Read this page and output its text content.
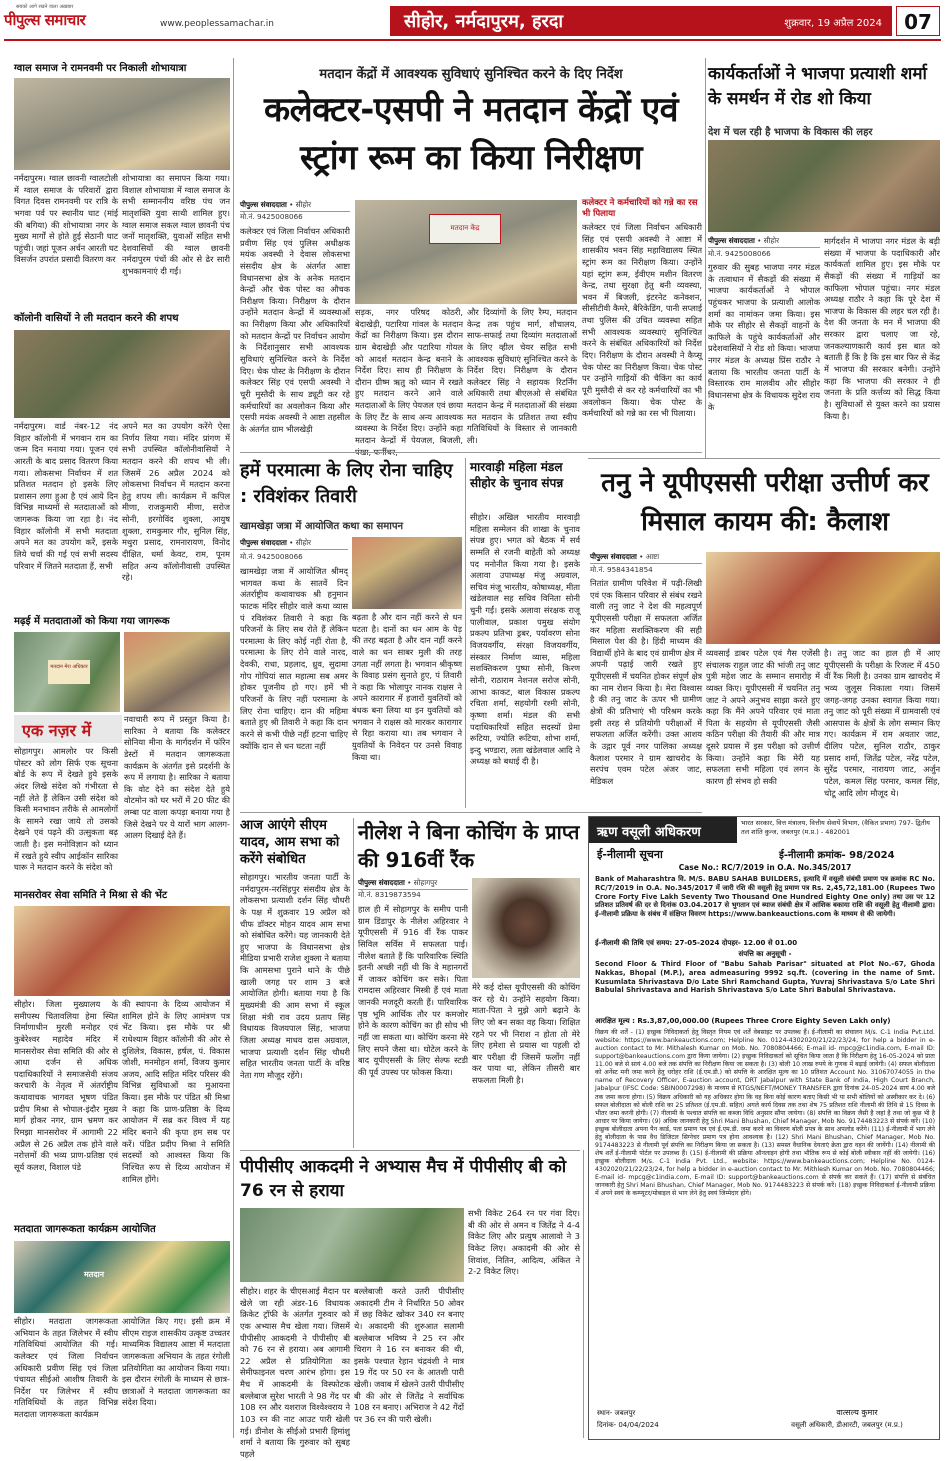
सबको आगे रखने वाला अख़बार
पीपुल्स समाचार	www.peoplessamachar.in	सीहोर, नर्मदापुरम, हरदा	शुक्रवार, 19 अप्रैल 2024	07
ग्वाल समाज ने रामनवमी पर निकाली शोभायात्रा
नर्मदापुरम। ग्वाल छावनी ग्वालटोली में ग्वाल समाज के परिवारों द्वारा विगत दिवस रामनवमी पर रात्रि के भगवा पर्व पर स्थानीय घाट (मांई की बगिया) की शोभायात्रा नगर के मुख्य मार्गों से होते हुई सेठानी घाट पहुंची। जहां पूजन अर्चन आरती घट विसर्जन उपरांत प्रसादी वितरण कर
शोभायात्रा का समापन किया गया। विशाल शोभायात्रा में ग्वाल समाज के सभी सम्माननीय वरिष्ठ पंच जन मातृशक्ति युवा साथी शामिल हुए। ग्वाल समाज सकल ग्वाल छावनी पंच जनों मातृशक्ति, युवाओं सहित सभी देशवासियों की ग्वाल छावनी नर्मदापुरम पंचों की ओर से ढेर सारी शुभकामनाएं दी गईं।
कॉलोनी वासियों ने ली मतदान करने की शपथ
नर्मदापुरम। वार्ड नंबर-12 नंद विहार कॉलोनी में भगवान राम का जन्म दिन मनाया गया। पूजन एवं आरती के बाद प्रसाद वितरण किया गया। लोकसभा निर्वाचन में शत प्रतिशत मतदान हो इसके लिए प्रशासन लगा हुआ है एवं आये दिन विभिन्न माध्यमों से मतदाताओं को जागरूक किया जा रहा है। नंद विहार कॉलोनी में सभी मतदाता अपने मत का उपयोग करें, इसके लिये चर्चा की गई एवं सभी सदस्य परिवार में जितने मतदाता हैं, सभी
अपने मत का उपयोग करेंगे ऐसा निर्णय लिया गया। मंदिर प्रांगण में सभी उपस्थित कॉलोनीवासियों ने मतदान करने की शपथ भी ली। जिसमें 26 अप्रैल 2024 को लोकसभा निर्वाचन में मतदान करना हेतु शपथ ली। कार्यक्रम में कपिल मीणा, राजकुमारी मीणा, सरोज सोनी, हरगोविंद शुक्ला, आयुष शुक्ला, रामकुमार गौर, सुनिल सिंह, मथुरा प्रसाद, रामनारायण, विनोद दीक्षित, धर्मा केवट, राम, पूनम सहित अन्य कॉलोनीवासी उपस्थित रहे।
मढ़ई में मतदाताओं को किया गया जागरूक
मतदान मेरा अधिकार
एक नज़र में
सोहागपुर। आमलोर पर किसी पोस्टर को लोग सिर्फ एक सूचना बोर्ड के रूप में देखते हुये इसके अंदर लिखे संदेश को गंभीरता से नहीं लेते हैं लेकिन उसी संदेश को किसी मनभावन तरीके से आमलोगों के सामने रखा जाये तो उसको देखने एवं पढ़ने की उत्सुकता बढ़ जाती है। इस मनोविज्ञान को ध्यान में रखते हुये स्वीप आईकॉन सारिका घारू ने मतदान करने के संदेश को
नवाचारी रूप में प्रस्तुत किया है। सारिका ने बताया कि कलेक्टर सोनिया मीना के मार्गदर्शन में फॉरेन डेस्टों में मतदान जागरूकता कार्यक्रम के अंतर्गत इसे प्रदर्शनी के रूप में लगाया है। सारिका ने बताया कि वोट देने का संदेश देते हुये वोटमोन को घर भरों में 20 फीट की लम्बा पट वाला कपड़ा बनाया गया है जिसे देखने पर ये यारों भाग आलग-आलग दिखाई देते हैं।
मानसरोवर सेवा समिति ने मिश्रा से की भेंट
सीहोर। जिला मुख्यालय के समीपस्थ चितावलिया हेमा स्थित निर्माणाधीन मुरली मनोहर एवं कुबेरेश्वर महादेव मंदिर में मानसरोवर सेवा समिति की ओर से आधा दर्जन से अधिक पदाधिकारियों ने समाजसेवी संजय करचारी के नेतृत्व में अंतर्राष्ट्रीय कथावाचक भागवत भूषण पंडित प्रदीप मिश्रा से भोपाल-इंदौर मुख्य मार्ग होकर नगर, ग्राम भ्रमण कर रिमझा मानसरोवर में आगामी 22 अप्रैल से 26 अप्रैल तक होने वाले नरोत्तमों की भव्य प्राण-प्रतिष्ठा एवं सूर्य कलश, विशाल पंडे
की स्थापना के दिव्य आयोजन में शामिल होने के लिए आमंत्रण पत्र भेंट किया। इस मौके पर श्री राधेश्याम विहार कॉलोनी की ओर से दुशिलेत्र, विकास, हर्षल, पं. विकास जोशी, मनमोहन शर्मा, विजय कुमार अजय, आदि सहित मंदिर परिसर की विभिन्न सुविधाओं का मुआयना किया। इस मौके पर पंडित श्री मिश्रा ने कहा कि प्राण-प्रतिष्ठा के दिव्य आयोजन में सब्र कर विश्व में यह मंदिर बनाने की कृपा हम सब पर करें। पंडित प्रदीप मिश्रा ने समिति सदस्यों को आश्वस्त किया कि निश्चित रूप से दिव्य आयोजन में शामिल होंगे।
मतदाता जागरूकता कार्यक्रम आयोजित
मतदान
सीहोर। मतदाता जागरूकता अभियान के तहत जिलेभर में स्वीप गतिविधियां आयोजित की गई। कलेक्टर एवं जिला निर्वाचन अधिकारी प्रवीण सिंह एवं जिला पंचायत सीईओ आशीष तिवारी के निर्देश पर जिलेभर में स्वीप गतिविधियों के तहत विभिन्न मतदाता जागरूकता कार्यक्रम
आयोजित किए गए। इसी क्रम में सीएम राइज शासकीय उत्कृष्ट उच्चतर माध्यमिक विद्यालय आष्टा में मतदाता जागरूकता अभियान के तहत रंगोली प्रतियोगिता का आयोजन किया गया। इस दौरान रंगोली के माध्यम से छात्र-छात्राओं ने मतदाता जागरूकता का संदेश दिया।
मतदान केंद्रों में आवश्यक सुविधाएं सुनिश्चित करने के दिए निर्देश
कलेक्टर-एसपी ने मतदान केंद्रों एवं स्ट्रांग रूम का किया निरीक्षण
पीपुल्स संवाददाता • सीहोर
मो.नं. 9425008066
कलेक्टर एवं जिला निर्वाचन अधिकारी प्रवीण सिंह एवं पुलिस अधीक्षक मयंक अवस्थी ने देवास लोकसभा संसदीय क्षेत्र के अंतर्गत आष्टा विधानसभा क्षेत्र के अनेक मतदान केन्द्रों और चेक पोस्ट का औचक निरीक्षण किया। निरीक्षण के दौरान उन्होंने मतदान केन्द्रों में व्यवस्थाओं का निरीक्षण किया और अधिकारियों को मतदान केन्द्रों पर निर्वाचन आयोग के निर्देशानुसार सभी आवश्यक सुविधाएं सुनिश्चित करने के निर्देश दिए। चेक पोस्ट के निरीक्षण के दौरान कलेक्टर सिंह एवं एसपी अवस्थी ने चूरी मुस्तैदी के साथ ड्यूटी कर रहे कर्मचारियों का अवलोकन किया और एसपी मयंक अवस्थी ने आष्टा तहसील के अंतर्गत ग्राम भीलखेड़ी
मतदान केंद्र
सड़क, नगर परिषद कोठरी, बेदाखेड़ी, पटारिया गांवल के मतदान केंद्रों का निरीक्षण किया। इस दौरान ग्राम बेदाखेड़ी और पटारिया गोयल को आदर्श मतदान केन्द्र बनाने के निर्देश दिए। साथ ही निरीक्षण के दौरान ग्रीष्म ऋतु को ध्यान में रखते हुए मतदान करने आने वाले मतदाताओं के लिए पेयजल एवं छाया के लिए टैंट के साथ अन्य आवश्यक व्यवस्था के निर्देश दिए। उन्होंने कहा मतदान केन्द्रों में पेयजल, बिजली,
और दिव्यांगों के लिए रैम्प, मतदान केन्द्र तक पहुंच मार्ग, शौचालय, साफ-सफाई तथा दिव्यांग मतदाताओं के लिए व्हील चेयर सहित सभी आवश्यक सुविधाएं सुनिश्चित करने के निर्देश दिए। निरीक्षण के दौरान कलेक्टर सिंह ने सहायक रिटर्निंग अधिकारी तथा बीएलओ से संबंधित मतदान केन्द्र में मतदाताओं की संख्या मत मतदान के प्रतिशत तथा स्वीप गतिविधियों के विस्तार से जानकारी ली।
कलेक्टर ने कर्मचारियों को गन्ने का रस भी पिलाया
कलेक्टर एवं जिला निर्वाचन अधिकारी सिंह एवं एसपी अवस्थी ने आष्टा में शासकीय भवन सिंह महाविद्यालय स्थित स्ट्रांग रूम का निरीक्षण किया। उन्होंने यहां स्ट्रांग रूम, ईवीएम मशीन वितरण केन्द्र, तथा सुरक्षा हेतु बनी व्यवस्था, भवन में बिजली, इंटरनेट कनेक्शन, सीसीटीवी कैमरे, बैरिकेडिंग, पानी सप्लाई तथा पुलिस की उचित व्यवस्था सहित सभी आवश्यक व्यवस्थाएं सुनिश्चित करने के संबंधित अधिकारियों को निर्देश दिए। निरीक्षण के दौरान अवस्थी ने कैप्सू चेक पोस्ट का निरीक्षण किया। चेक पोस्ट पर उन्होंने गाड़ियों की चैकिंग का कार्य पूरी मुस्तैदी से कर रहे कर्मचारियों का भी अवलोकन किया। चेक पोस्ट के कर्मचारियों को गन्ने का रस भी पिलाया।
हमें परमात्मा के लिए रोना चाहिए : रविशंकर तिवारी
खामखेड़ा जत्रा में आयोजित कथा का समापन
पीपुल्स संवाददाता • सीहोर
मो.नं. 9425008066
खामखेड़ा जत्रा में आयोजित श्रीमद् भागवत कथा के सातवें दिन अंतर्राष्ट्रीय कथावाचक श्री हनुमान फाटक मंदिर सीहोर वाले कथा व्यास पं रविशंकर तिवारी ने कहा कि परिजनों के लिए सब रोते हैं लेकिन परमात्मा के लिए कोई नहीं रोता है, परमात्मा के लिए रोने वाले नारद, देवकी, राधा, प्रहलाद, ध्रुव, सुदामा गोप गोपियां सात महात्मा सब अमर होकर पूजनीय हो गए। हमें भी परिजनों के लिए नहीं परमात्मा के लिए रोना चाहिए। दान की महिमा बताते हुए श्री तिवारी ने कहा कि दान करने से कभी पीछे नहीं हटना चाहिए क्योंकि दान से धन घटता नहीं
बढ़ता है और दान नहीं करने से धन घटता है। दानों का धन आम के पेड़ की तरह बढ़ता है और दान नहीं करने वाले का धन साबर मुली की तरह उगता नहीं लगता है। भगवान श्रीकृष्ण के विवाह प्रसंग सुनाते हुए, पं तिवारी ने कहा कि भोलापुर नानक राक्षस ने अपने कारागार में हजारों युवतियों को बंधक बना लिया था इन युवतियों को भगवान ने राक्षस को मारकर कारागार से रिहा कराया था। तब भगवान ने युवतियों के निवेदन पर उनसे विवाह किया था।
मारवाड़ी महिला मंडल सीहोर के चुनाव संपन्न
सीहोर। अखिल भारतीय मारवाड़ी महिला सम्मेलन की शाखा के चुनाव संपन्न हुए। भगत को बैठक में सर्व सम्मति से रजनी बाहेती को अध्यक्ष पद मनोनीत किया गया है। इसके अलावा उपाध्यक्ष मंजु अग्रवाल, सचिव मंजू भारतीय, कोषाध्यक्ष, मीता खंडेलवाल सह सचिव विनिता सोनी चुनी गईं। इसके अलावा संरक्षक राजू पालीवाल, प्रकाश पमुख संयोग प्रकल्प प्रतिभा ड्रबर, पर्यावरण सोना विजयवर्गीय, संरक्षा विजयवर्गीय, संस्कार निर्माण व्यास, महिला सशक्तिकरण पुष्पा सोनी, किरण सोनी, राठाराम नेशनल सरोज सोनी, आभा काकट, बाल विकास प्रकल्प रचिता शर्मा, सहयोगी रश्मी सोनी, कृष्णा शर्मा। मंडल की सभी पदाधिकारियों सहित सदस्यों प्रेमा रूटिया, ज्योति रूटिया, शोभा शर्मा, इन्दु भण्डारा, लता खंडेलवाल आदि ने अध्यक्ष को बधाई दी है।
आज आएंगे सीएम यादव, आम सभा को करेंगे संबोधित
सोहागपुर। भारतीय जनता पार्टी के नर्मदापुरम-नरसिंहपुर संसदीय क्षेत्र के लोकसभा प्रत्याशी दर्शन सिंह चौधरी के पक्ष में शुक्रवार 19 अप्रैल को चीफ डॉक्टर मोहन यादव आम सभा को संबोधित करेंगे। यह जानकारी देते हुए भाजपा के विधानसभा क्षेत्र मीडिया प्रभारी राजेश शुक्ला ने बताया कि आमसभा पुराने थाने के पीछे खाली जगह पर शाम 3 बजे आयोजित होगी। बताया गया है कि मुख्यमंत्री की आम सभा में स्कूल शिक्षा मंत्री राव उदय प्रताप सिंह विधायक विजयपाल सिंह, भाजपा जिला अध्यक्ष माधव दास अग्रवाल, भाजपा प्रत्याशी दर्शन सिंह चौधरी सहित भारतीय जनता पार्टी के वरिष्ठ नेता गण मौजूद रहेंगे।
नीलेश ने बिना कोचिंग के प्राप्त की 916वीं रैंक
पीपुल्स संवाददाता • सोहागपुर
मो.नं. 8319873594
हाल ही में सोहागपुर के समीप पानी ग्राम डिंडापुर के नीलेश अहिरवार ने यूपीएससी में 916 वीं रैंक पाकर सिविल सर्विस में सफलता पाई। नीलेश बताते हैं कि पारिवारिक स्थिति इतनी अच्छी नहीं थी कि वे महानगरों में जाकर कोचिंग कर सके। पिता रामदास अहिरवार मिस्त्री हैं एवं माता जानकी मजदूरी करती हैं। पारिवारिक पृष्ठ भूमि आर्थिक तौर पर कमजोर होने के कारण कोचिंग का ही सोच भी नहीं जा सकता था। कोचिंग करना मेरे लिए सपने जैसा था। घोटेल करने के बाद यूपीएससी के लिए सेल्फ स्टडी की पूर्व उपस्थ पर फोकस किया।
मेरे कई दोस्त यूपीएससी की कोचिंग कर रहे थे। उन्होंने सहयोग किया। माता-पिता ने मुझे आगे बढ़ाने के लिए जो बन सका वह किया। शिक्षित रहने पर भी निराश न होता तो मेरे लिए हमेशा से प्रयास था पहली दो बार परीक्षा दी जिसमें फर्लोग नहीं कर पाया था, लेकिन तीसरी बार सफलता मिली है।
पीपीसीए आकदमी ने अभ्यास मैच में पीपीसीए बी को 76 रन से हराया
सभी विकेट 264 रन पर गंवा दिए। बी की ओर से अमन व जितेंद्र ने 4-4 विकेट लिए और प्रत्युष आलावो ने 3 विकेट लिए। अकादमी की ओर से शिवांश, नितिन, आदित्य, अंकित ने 2-2 विकेट लिए।
सीहोर। शहर के चीएसआई मैदान पर खेले जा रही अंडर-16 विधायक क्रिकेट ट्रॉफी के अंतर्गत गुरुवार को एक अभ्यास मैच खेला गया। जिसमें पीपीसीए आकदमी ने पीपीसीए बी को 76 रन से हराया। अब आगामी 22 अप्रैल से प्रतियोगिता का सेमीफाइनल चरण आरंभ होगा। इस मैच में आकदमी के विस्फोटक बल्लेबाज सुरेश भारती ने 98 गेंद पर 108 रन और यशराज विश्वेश्वराय ने 103 रन की नाट आउट पारी खेली गई। डीनोश के सीईओ प्रभारी हिमांशु शर्मा ने बताया कि गुरुवार को सुबह पहले
बल्लेबाजी करते उतरी पीपीसीए अकादमी टीम ने निर्धारित 50 ओवर में छह विकेट खोकर 340 रन बनाए थे। अकादमी की शुरुआत सलामी बल्लेबाज भविष्य ने 25 रन और चिराग ने 16 रन बनाकर की थी, इसके पश्चात रेहान चंद्रवंशी ने मात्र 19 गेंद पर 50 रन के आतशी पारी खेली। जवाब में खेलने उतरी पीपीसीए बी की ओर से जितेंद्र ने सर्वाधिक 108 रन बनाए। अभिराज ने 42 गेंदों पर 36 रन की पारी खेली।
कार्यकर्ताओं ने भाजपा प्रत्याशी शर्मा के समर्थन में रोड शो किया
देश में चल रही है भाजपा के विकास की लहर
पीपुल्स संवाददाता • सीहोर
मो.नं. 9425008066
गुरुवार की सुबह भाजपा नगर मंडल के तत्वाधान में सैकड़ों की संख्या में भाजपा कार्यकर्ताओं ने भोपाल पहुंचकर भाजपा के प्रत्याशी आलोक शर्मा का नामांकन जमा किया। इस मौके पर सीहोर से सैकड़ों वाहनों के काफिले के पहुंचे कार्यकर्ताओं और प्रदेशवासियों ने रोड शो किया। भाजपा नगर मंडल के अध्यक्ष प्रिंस राठौर ने बताया कि भारतीय जनता पार्टी के विस्तारक राम मालवीय और सीहोर विधानसभा क्षेत्र के विधायक सुदेश राय के
मार्गदर्शन में भाजपा नगर मंडल के बड़ी संख्या में भाजपा के पदाधिकारी और कार्यकर्ता शामिल हुए। इस मौके पर सैकड़ों की संख्या में गाड़ियों का काफिला भोपाल पहुंचा। नगर मंडल अध्यक्ष राठौर ने कहा कि पूरे देश में भाजपा के विकास की लहर चल रही है। देश की जनता के मन में भाजपा की सरकार द्वारा चलाए जा रहे, जनकल्याणकारी कार्य इस बात को बताती हैं कि है कि इस बार फिर से केंद्र में भाजपा की सरकार बनेगी। उन्होंने कहा कि भाजपा की सरकार ने ही जनता के प्रति कर्त्तव्य को सिद्ध किया है। सुविधाओं से युक्त करने का प्रयास किया है।
तनु ने यूपीएससी परीक्षा उत्तीर्ण कर मिसाल कायम की: कैलाश
पीपुल्स संवाददाता • आष्टा
मो.नं. 9584341854
नितांत ग्रामीण परिवेश में पढ़ी-लिखी एवं एक किसान परिवार से संबंध रखने वाली तनु जाट ने देश की महत्वपूर्ण यूपीएससी परीक्षा में सफलता अर्जित कर महिला सशक्तिकरण की सही मिसाल पेश की है। हिंदी माध्यम की विद्यार्थी होने के बाद एवं ग्रामीण क्षेत्र में अपनी पढ़ाई जारी रखते हुए यूपीएससी में चयनित होकर संपूर्ण क्षेत्र का नाम रोशन किया है। मेरा विश्वास है की तनु जाट के ऊपर भी ग्रामीण क्षेत्रों की प्रतिभाएं भी परिश्रम करके इसी तरह से प्रतियोगी परीक्षाओं में सफलता अर्जित करेंगी। उक्त आशय के उद्गार पूर्व नगर पालिका अध्यक्ष कैलाश परमार ने ग्राम खाचरोद के सरपंच एवम पटेल अंजर जाट, मेडिकल
व्यवसाई डाबर पटेल एवं गैस एजेंसी संचालक राहुल जाट की भांजी तनु जाट पुत्री महेश जाट के सम्मान समारोह में व्यक्त किए। यूपीएससी में चयनित तनु जाट ने अपने अनुभव साझा करते हुए कहा कि मैंने अपने परिवार एवं माता पिता के सहयोग से यूपीएससी जैसी कठिन परीक्षा की तैयारी की और मात्र दूसरे प्रयास में इस परीक्षा को उत्तीर्ण किया। उन्होंने कहा कि मेरी यह सफलता सभी महिला एवं लगन के कारण ही संभव हो सकी
है। तनु जाट का हाल ही में आए यूपीएससी के परीक्षा के रिजल्ट में 450 वीं रैंक मिली है। उनका ग्राम खाचरोद में भव्य जुलूस निकाला गया। जिसमें जगह-जगह उनका स्वागत किया गया। तनु जाट को पूरी संख्या में ग्रामवासी एवं आसपास के क्षेत्रों के लोग सम्मान किए गए। कार्यक्रम में राम अवतार जाट, दीलिप पटेल, सुनिल राठौर, ठाकुर प्रसाद शर्मा, जितेंद्र पटेल, नरेंद्र पटेल, सुरेंद्र परमार, नारायण जाट, अर्जुन पटेल, कमल सिंह परमार, कमल सिंह, चोटू आदि लोग मौजूद थे।
ऋण वसूली अधिकरण
भारत सरकार, वित्त मंत्रालय, वित्तीय सेवायें विभाग, (वैकित प्रभाग) 797- द्वितीय तल शांति कुन्ज, जबलपुर (म.प्र.) - 482001
ई-नीलामी सूचना	ई-नीलामी क्रमांक- 98/2024
Case No.: RC/7/2019 in O.A. No.345/2017
Bank of Maharashtra वि. M/S. BABU SAHAB BUILDERS, इत्यादि में वसूली संबंधी प्रमाण पत्र क्रमांक RC No. RC/7/2019 in O.A. No.345/2017 में जारी रशि की वसूली हेतु प्रमाण पत्र Rs. 2,45,72,181.00 (Rupees Two Crore Forty Five Lakh Seventy Two Thousand One Hundred Eighty One only) तथा उस पर 12 प्रतिशत प्रतिवर्ष की दर से दिनांक 03.04.2017 से भुगतान एवं ब्याज संबंधी क्षेत्र में आंशिक बकाया राशि की वसूली हेतु नीलामी द्वारा। ई-नीलामी प्रक्रिया के संबंध में संक्षिप्त विवरण https://www.bankeauctions.com के माध्यम से की जायेगी।
ई-नीलामी की तिथि एवं समय: 27-05-2024 दोपहर- 12.00 से 01.00
संपत्ति का अनुसूची -
Second Floor & Third Floor of "Babu Sahab Parisar" situated at Plot No.-67, Ghoda Nakkas, Bhopal (M.P.), area admeasuring 9992 sq.ft. (covering in the name of Smt. Kusumlata Shrivastava D/o Late Shri Ramchand Gupta, Yuvraj Shrivastava S/o Late Shri Babulal Shrivastava and Harish Shrivastava S/o Late Shri Babulal Shrivastava.
आरक्षित मूल्य : Rs.3,87,00,000.00 (Rupees Three Crore Eighty Seven Lakh only)
विक्रय की शर्तें - (1) इच्छुक निविदाकर्ता हेतु विस्तृत नियम एवं शर्तें वेबसाइट पर उपलब्ध हैं। ई-नीलामी का संचालन M/s. C-1 India Pvt.Ltd. website: https://www.bankeauctions.com; Helpline No. 0124-4302020/21/22/23/24, for help a bidder in e-auction contact to Mr. Mithalesh Kumar on Mob. No. 7080804466; E-mail id- mpcg@c1india.com, E-mail ID: support@bankeauctions.com द्वारा किया जायेगा। (2) इच्छुक निविदाकर्ता को सूचित किया जाता है कि निरीक्षण हेतु 16-05-2024 को प्रातः 11.00 बजे से सायं 4.00 बजे तक संपत्ति का निरीक्षण किया जा सकता है। (3) बोली 10 लाख रुपये के गुणक में बढ़ाई जायेगी। (4) सफल बोलीदाता को अर्नेस्ट मनी जमा करने हेतु धरोहर राशि (ई.एम.डी.) को संपत्ति के आरक्षित मूल्य का 10 प्रतिशत Account No. 31067074055 in the name of Recovery Officer, E-auction account, DRT Jabalpur with State Bank of India, High Court Branch, Jabalpur (IFSC Code: SBIN0007298) के माध्यम से RTGS/NEFT/MONEY TRANSFER द्वारा दिनांक 24-05-2024 सायं 4.00 बजे तक जमा करना होगा। (5) विक्रय अधिकारी को यह अधिकार होगा कि वह बिना कोई कारण बताए किसी भी या सभी बोलियों को अस्वीकार कर दे। (6) सफल बोलीदाता को बोली राशि का 25 प्रतिशत (ई.एम.डी. सहित) अगले कार्य दिवस तक तथा शेष 75 प्रतिशत राशि नीलामी की तिथि से 15 दिवस के भीतर जमा करनी होगी। (7) नीलामी के पश्चात संपत्ति का कब्जा विधि अनुसार सौंपा जायेगा। (8) संपत्ति का विक्रय जैसी है जहां है तथा जो कुछ भी है आधार पर किया जायेगा। (9) अधिक जानकारी हेतु Shri Mani Bhushan, Chief Manager, Mob No. 9174483223 से संपर्क करें। (10) इच्छुक बोलीदाता अपना पैन कार्ड, पता प्रमाण पत्र एवं ई.एम.डी. जमा करने का विवरण बोली प्रपत्र के साथ अपलोड करेंगे। (11) ई-नीलामी में भाग लेने हेतु बोलीदाता के पास वैध डिजिटल सिग्नेचर प्रमाण पत्र होना आवश्यक है। (12) Shri Mani Bhushan, Chief Manager, Mob No. 9174483223 से नीलामी पूर्व संपत्ति का निरीक्षण किया जा सकता है। (13) समस्त वैधानिक देयताएं क्रेता द्वारा वहन की जायेंगी। (14) नीलामी की शेष शर्तें ई-नीलामी पोर्टल पर उपलब्ध हैं। (15) ई-नीलामी की प्रक्रिया ऑनलाइन होगी तथा भौतिक रूप से कोई बोली स्वीकार नहीं की जायेगी। (16) इच्छुक बोलीदाता M/s. C-1 India Pvt. Ltd., website: https://www.bankeauctions.com; Helpline No. 0124-4302020/21/22/23/24, for help a bidder in e-auction contact to Mr. Mithlesh Kumar on Mob. No. 7080804466; E-mail id- mpcg@c1india.com, E-mail ID: support@bankeauctions.com से संपर्क कर सकते हैं। (17) संपत्ति से संबंधित जानकारी हेतु Shri Mani Bhushan, Chief Manager, Mob No. 9174483223 से संपर्क करें। (18) इच्छुक निविदाकर्ता ई-नीलामी प्रक्रिया में अपने स्वयं के कम्प्यूटर/मोबाइल से भाग लेने हेतु स्वयं जिम्मेदार होंगे।
स्थान- जबलपुर
दिनांक- 04/04/2024
वात्सल्य कुमार
वसूली अधिकारी, डीआरटी, जबलपुर (म.प्र.)
